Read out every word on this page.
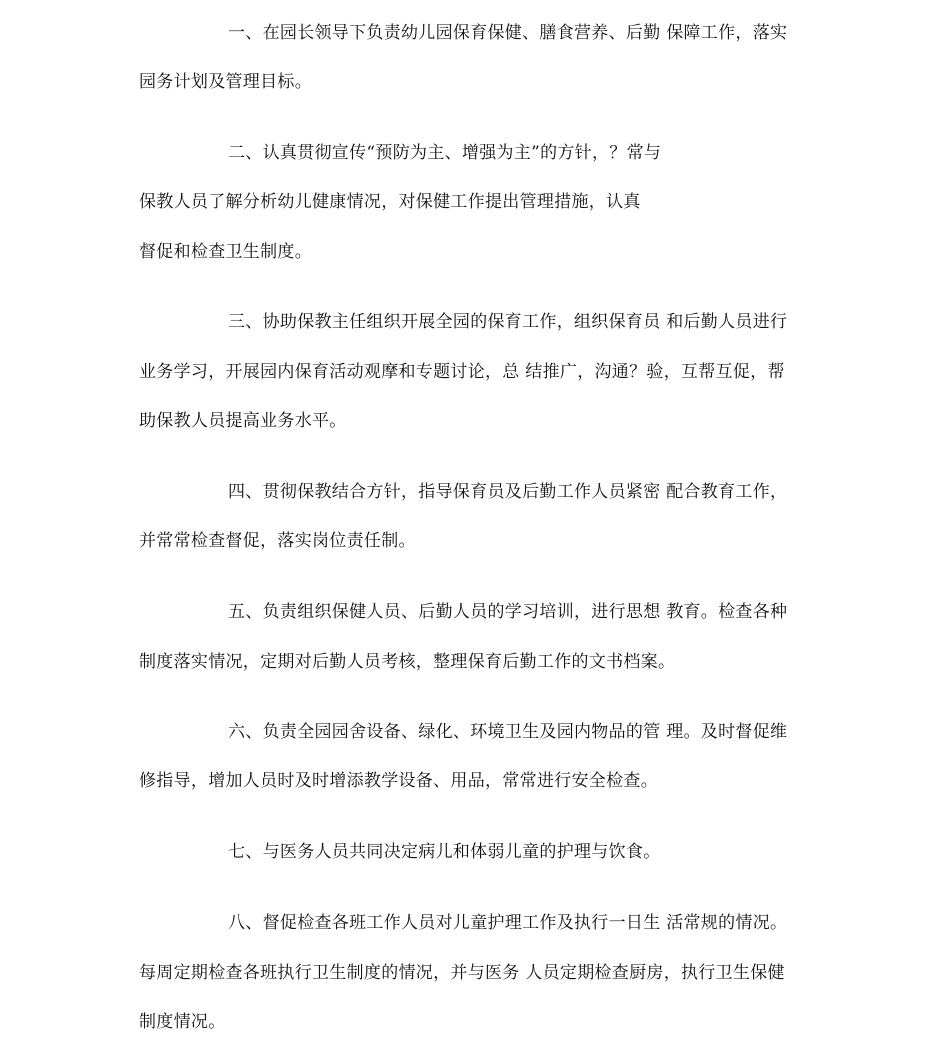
一、在园长领导下负责幼儿园保育保健、膳食营养、后勤 保障工作，落实
园务计划及管理目标。
二、认真贯彻宣传“预防为主、增强为主”的方针，？常与
保教人员了解分析幼儿健康情况，对保健工作提出管理措施，认真
督促和检查卫生制度。
三、协助保教主任组织开展全园的保育工作，组织保育员 和后勤人员进行
业务学习，开展园内保育活动观摩和专题讨论，总 结推广，沟通？验，互帮互促，帮
助保教人员提高业务水平。
四、贯彻保教结合方针，指导保育员及后勤工作人员紧密 配合教育工作，
并常常检查督促，落实岗位责任制。
五、负责组织保健人员、后勤人员的学习培训，进行思想 教育。检查各种
制度落实情况，定期对后勤人员考核，整理保育后勤工作的文书档案。
六、负责全园园舍设备、绿化、环境卫生及园内物品的管 理。及时督促维
修指导，增加人员时及时增添教学设备、用品，常常进行安全检查。
七、与医务人员共同决定病儿和体弱儿童的护理与饮食。
八、督促检查各班工作人员对儿童护理工作及执行一日生 活常规的情况。
每周定期检查各班执行卫生制度的情况，并与医务 人员定期检查厨房，执行卫生保健
制度情况。
